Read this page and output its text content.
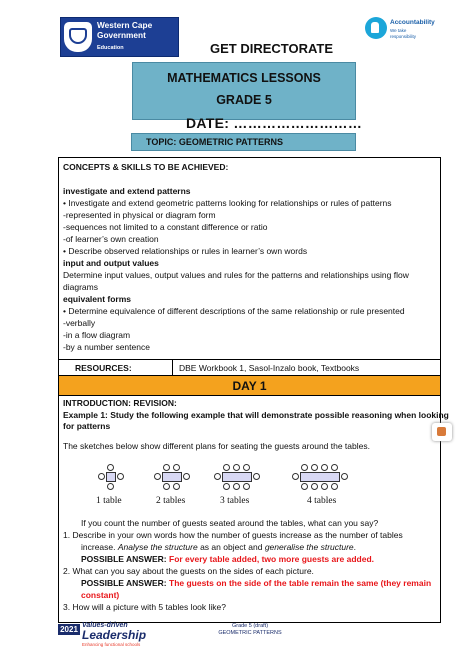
Western Cape
Government
Education
Accountability
We take
responsibility
GET DIRECTORATE
MATHEMATICS LESSONS
GRADE 5
DATE: ………………………
TOPIC: GEOMETRIC PATTERNS
CONCEPTS & SKILLS TO BE ACHIEVED:
investigate and extend patterns
• Investigate and extend geometric patterns looking for relationships or rules of patterns
-represented in physical or diagram form
-sequences not limited to a constant difference or ratio
-of learner’s own creation
• Describe observed relationships or rules in learner’s own words
input and output values
Determine input values, output values and rules for the patterns and relationships using flow
diagrams
equivalent forms
• Determine equivalence of different descriptions of the same relationship or rule presented
-verbally
-in a flow diagram
-by a number sentence
RESOURCES:	DBE Workbook 1, Sasol-Inzalo book, Textbooks
DAY 1
INTRODUCTION: REVISION:
Example 1: Study the following example that will demonstrate possible reasoning when looking
for patterns
The sketches below show different plans for seating the guests around the tables.
1 table	2 tables	3 tables	4 tables
If you count the number of guests seated around the tables, what can you say?
1. Describe in your own words how the number of guests increase as the number of tables
increase. Analyse the structure as an object and generalise the structure.
POSSIBLE ANSWER: For every table added, two more guests are added.
2. What can you say about the guests on the sides of each picture.
POSSIBLE ANSWER: The guests on the side of the table remain the same (they remain
constant)
3. How will a picture with 5 tables look like?
2021 Values-driven
Leadership
Enhancing functional schools
Grade 5 (draft)
GEOMETRIC PATTERNS
